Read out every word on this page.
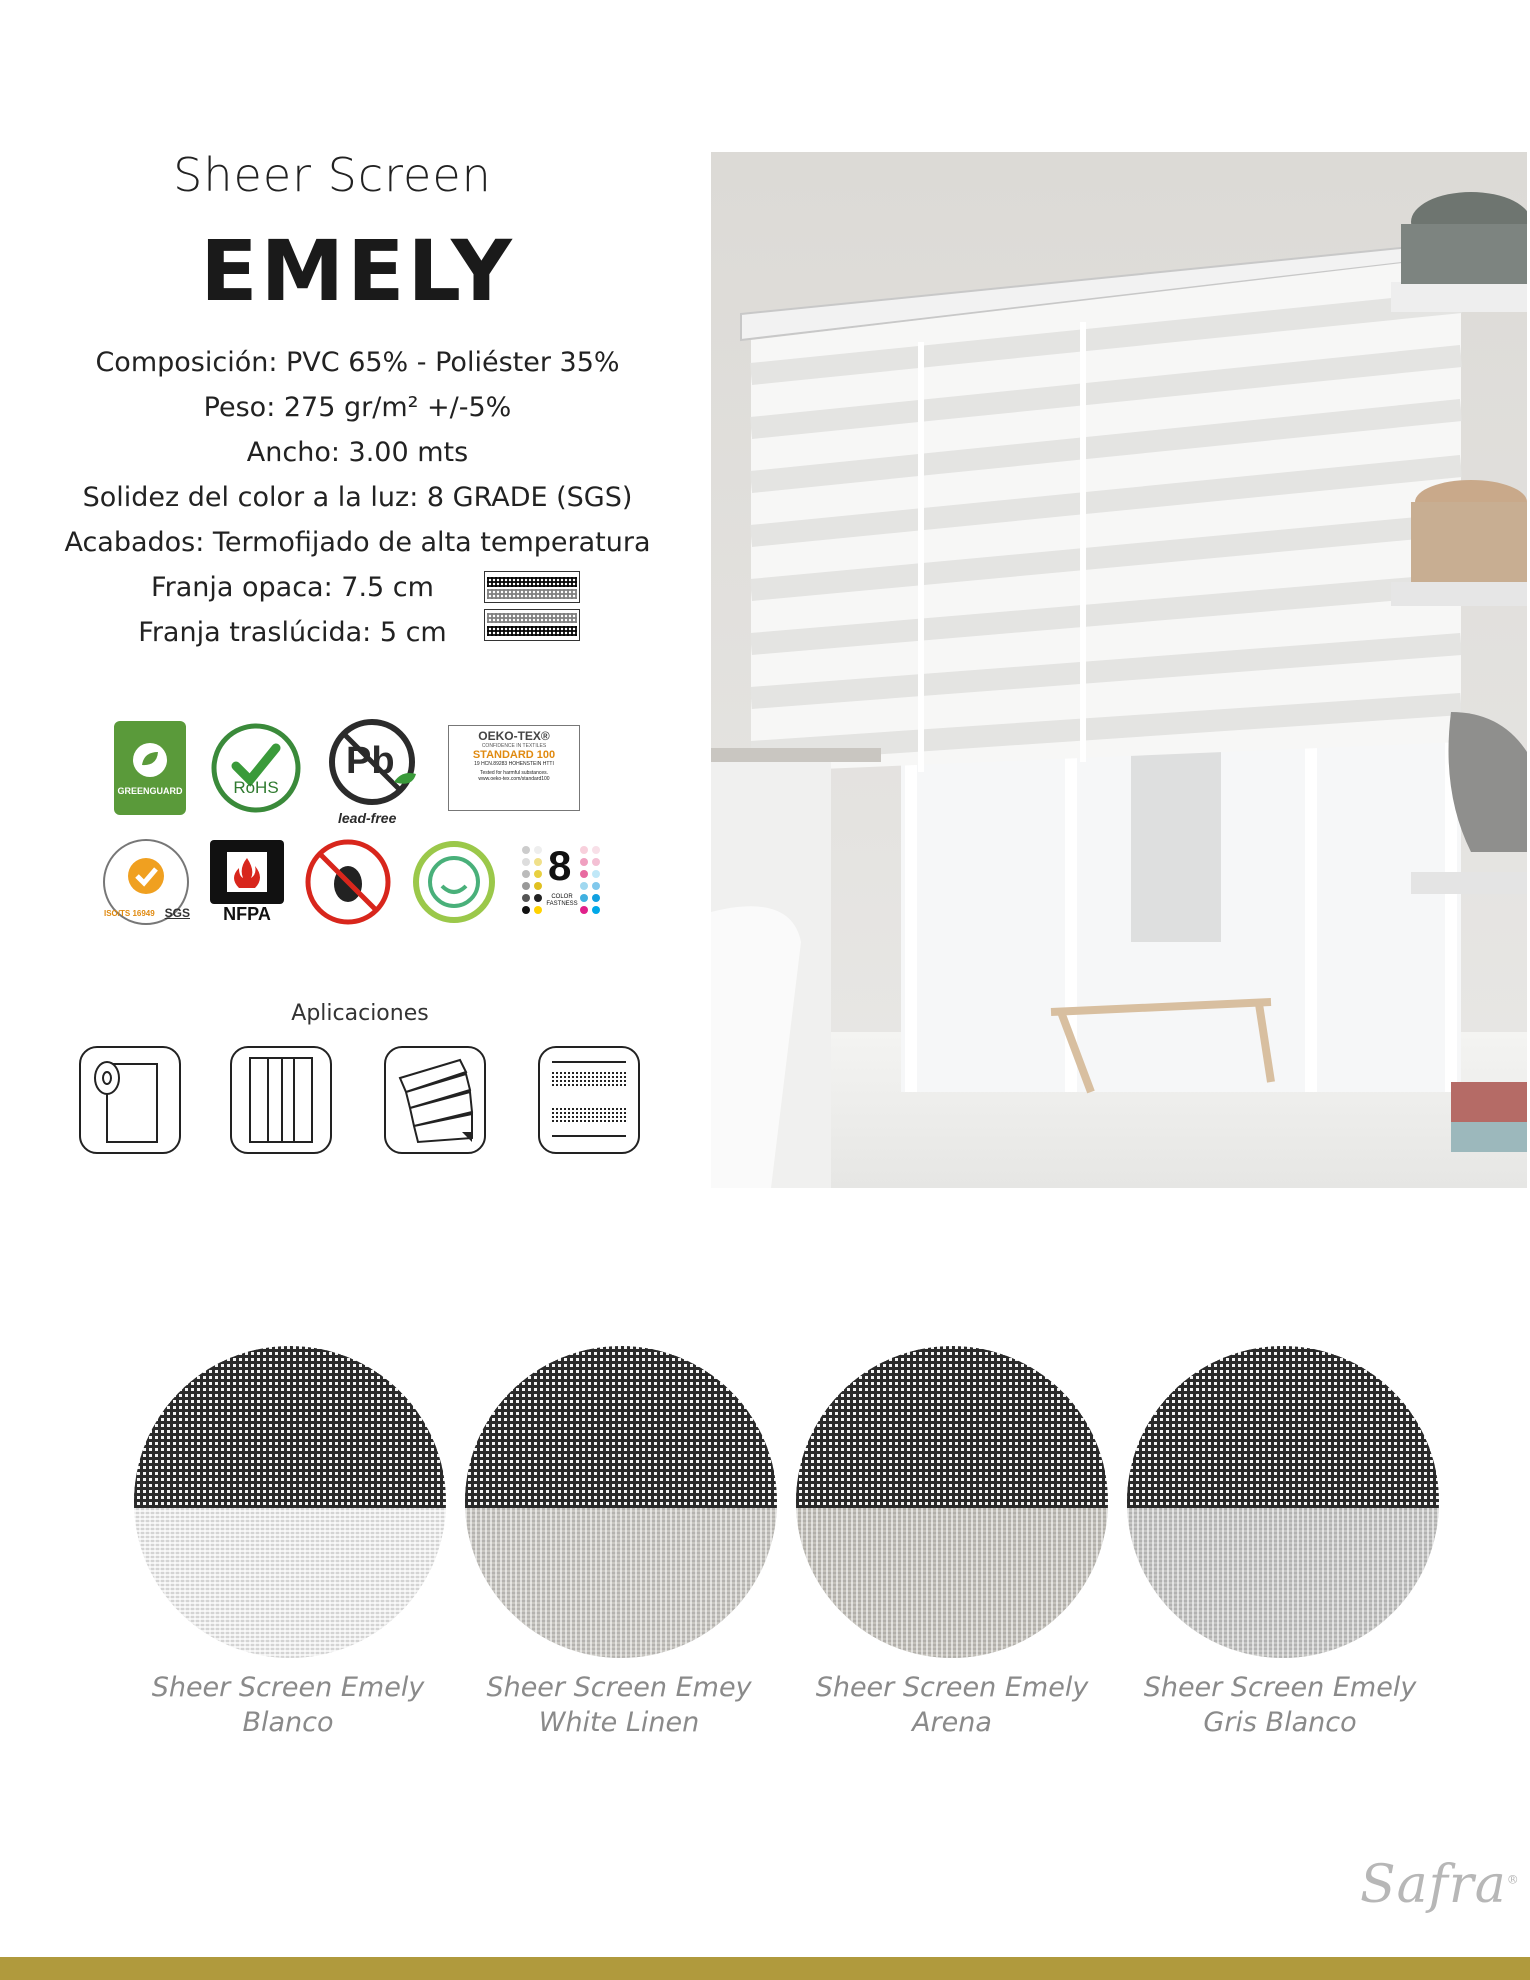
Sheer Screen
EMELY
Composición: PVC 65% - Poliéster 35%
Peso: 275 gr/m² +/-5%
Ancho: 3.00 mts
Solidez del color a la luz: 8 GRADE (SGS)
Acabados: Termofijado de alta temperatura
Franja opaca: 7.5 cm
Franja traslúcida: 5 cm
GREENGUARD	RoHS
Pb
lead-free
OEKO-TEX®
CONFIDENCE IN TEXTILES
STANDARD 100
19 HCN.89283 HOHENSTEIN HTTI
Tested for harmful substances.
www.oeko-tex.com/standard100
ISO/TS 16949 SGS NFPA
8
COLOR FASTNESS
Aplicaciones
Sheer Screen Emely
Blanco
Sheer Screen Emey
White Linen
Sheer Screen Emely
Arena
Sheer Screen Emely
Gris Blanco
Safra®
